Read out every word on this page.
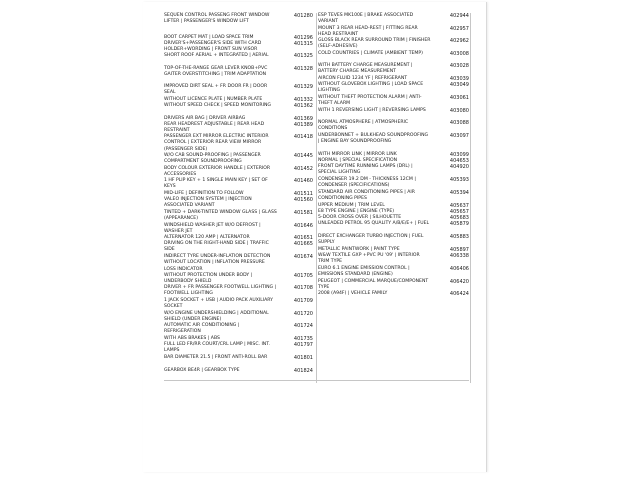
SEQUEN CONTROL PASSENG FRONT WINDOW LIFTER | PASSENGER'S WINDOW LIFT
401280
BOOT CARPET MAT | LOAD SPACE TRIM	401296
DRIVER'S+PASSENGER'S SIDE WITH CARD HOLDER+WORDING | FRONT SUN VISOR
401315
SHORT ROOF AERIAL + INTEGRATED | AERIAL	401325
TOP-OF-THE-RANGE GEAR LEVER KNOB+PVC GAITER OVERSTITCHING | TRIM ADAPTATION
401328
IMPROVED DIRT SEAL + FR DOOR FR | DOOR SEAL
401329
WITHOUT LICENCE PLATE | NUMBER PLATE	401332
WITHOUT SPEED CHECK | SPEED MONITORING	401362
DRIVERS AIR BAG | DRIVER AIRBAG	401369
REAR HEADREST ADJUSTABLE | REAR HEAD RESTRAINT
401389
PASSENGER EXT MIRROR ELECTRIC INTERIOR CONTROL | EXTERIOR REAR VIEW MIRROR (PASSENGER SIDE)
401418
W/O CAB SOUND-PROOFING | PASSENGER COMPARTMENT SOUNDPROOFING
401445
BODY COLOUR EXTERIOR HANDLE | EXTERIOR ACCESSORIES
401452
1 HF PLIP KEY + 1 SINGLE MAIN KEY | SET OF KEYS
401460
MID-LIFE | DEFINITION TO FOLLOW	401511
VALEO INJECTION SYSTEM | INJECTION ASSOCIATED VARIANT
401560
TINTED + DARK-TINTED WINDOW GLASS | GLASS (APPEARANCE)
401581
WINDSHIELD WASHER JET W/O DEFROST | WASHER JET
401646
ALTERNATOR 120 AMP | ALTERNATOR	401651
DRIVING ON THE RIGHT-HAND SIDE | TRAFFIC SIDE
401665
INDIRECT TYRE UNDER-INFLATION DETECTION WITHOUT LOCATION | INFLATION PRESSURE LOSS INDICATOR
401674
WITHOUT PROTECTION UNDER BODY | UNDERBODY SHIELD
401705
DRIVER + FR PASSENGER FOOTWELL LIGHTING | FOOTWELL LIGHTING
401708
1 JACK SOCKET + USB | AUDIO PACK AUXILIARY SOCKET
401709
W/O ENGINE UNDERSHIELDING | ADDITIONAL SHIELD (UNDER ENGINE)
401720
AUTOMATIC AIR CONDITIONING | REFRIGERATION
401724
WITH ABS BRAKES | ABS	401735
FULL LED FR/RR COURT/CRL LAMP | MISC. INT. LAMPS
401797
BAR DIAMETER 21.5 | FRONT ANTI-ROLL BAR	401801
GEARBOX BE4R | GEARBOX TYPE	401824
ESP TEVES MK100E | BRAKE ASSOCIATED VARIANT
402944
MOUNT 3 REAR HEAD-REST | FITTING REAR HEAD RESTRAINT
402957
GLOSS BLACK REAR SURROUND TRIM | FINISHER (SELF-ADHESIVE)
402962
COLD COUNTRIES | CLIMATE (AMBIENT TEMP)	403008
WITH BATTERY CHARGE MEASUREMENT | BATTERY CHARGE MEASUREMENT
403028
AIRCON FLUID 1234 YF | REFRIGERANT	403039
WITHOUT GLOVEBOX LIGHTING | LOAD SPACE LIGHTING
403049
WITHOUT THEFT PROTECTION ALARM | ANTI-THEFT ALARM
403061
WITH 1 REVERSING LIGHT | REVERSING LAMPS	403080
NORMAL ATMOSPHERE | ATMOSPHERIC CONDITIONS
403088
UNDERBONNET + BULKHEAD SOUNDPROOFING | ENGINE BAY SOUNDPROOFING
403097
WITH MIRROR LINK | MIRROR LINK	403099
NORMAL | SPECIAL SPECIFICATION	404653
FRONT DAYTIME RUNNING LAMPS (DRL) | SPECIAL LIGHTING
404920
CONDENSER 19.2 DM - THICKNESS 12CM | CONDENSER (SPECIFICATIONS)
405393
STANDARD AIR CONDITIONING PIPES | AIR CONDITIONING PIPES
405394
UPPER MEDIUM | TRIM LEVEL	405637
E8 TYPE ENGINE | ENGINE (TYPE)	405657
5-DOOR CROSS OVER | SILHOUETTE	405683
UNLEADED PETROL 95 QUALITY A/B/E/E+ | FUEL	405879
DIRECT EXCHANGER TURBO INJECTION | FUEL SUPPLY
405883
METALLIC PAINTWORK | PAINT TYPE	405897
W&W TEXTILE GXP +PVC PU '09' | INTERIOR TRIM TYPE
406338
EURO 6.1 ENGINE EMISSION CONTROL | EMISSIONS STANDARD (ENGINE)
406406
PEUGEOT | COMMERCIAL MARQUE/COMPONENT TYPE
406420
2008 (A94F) | VEHICLE FAMILY	406424
